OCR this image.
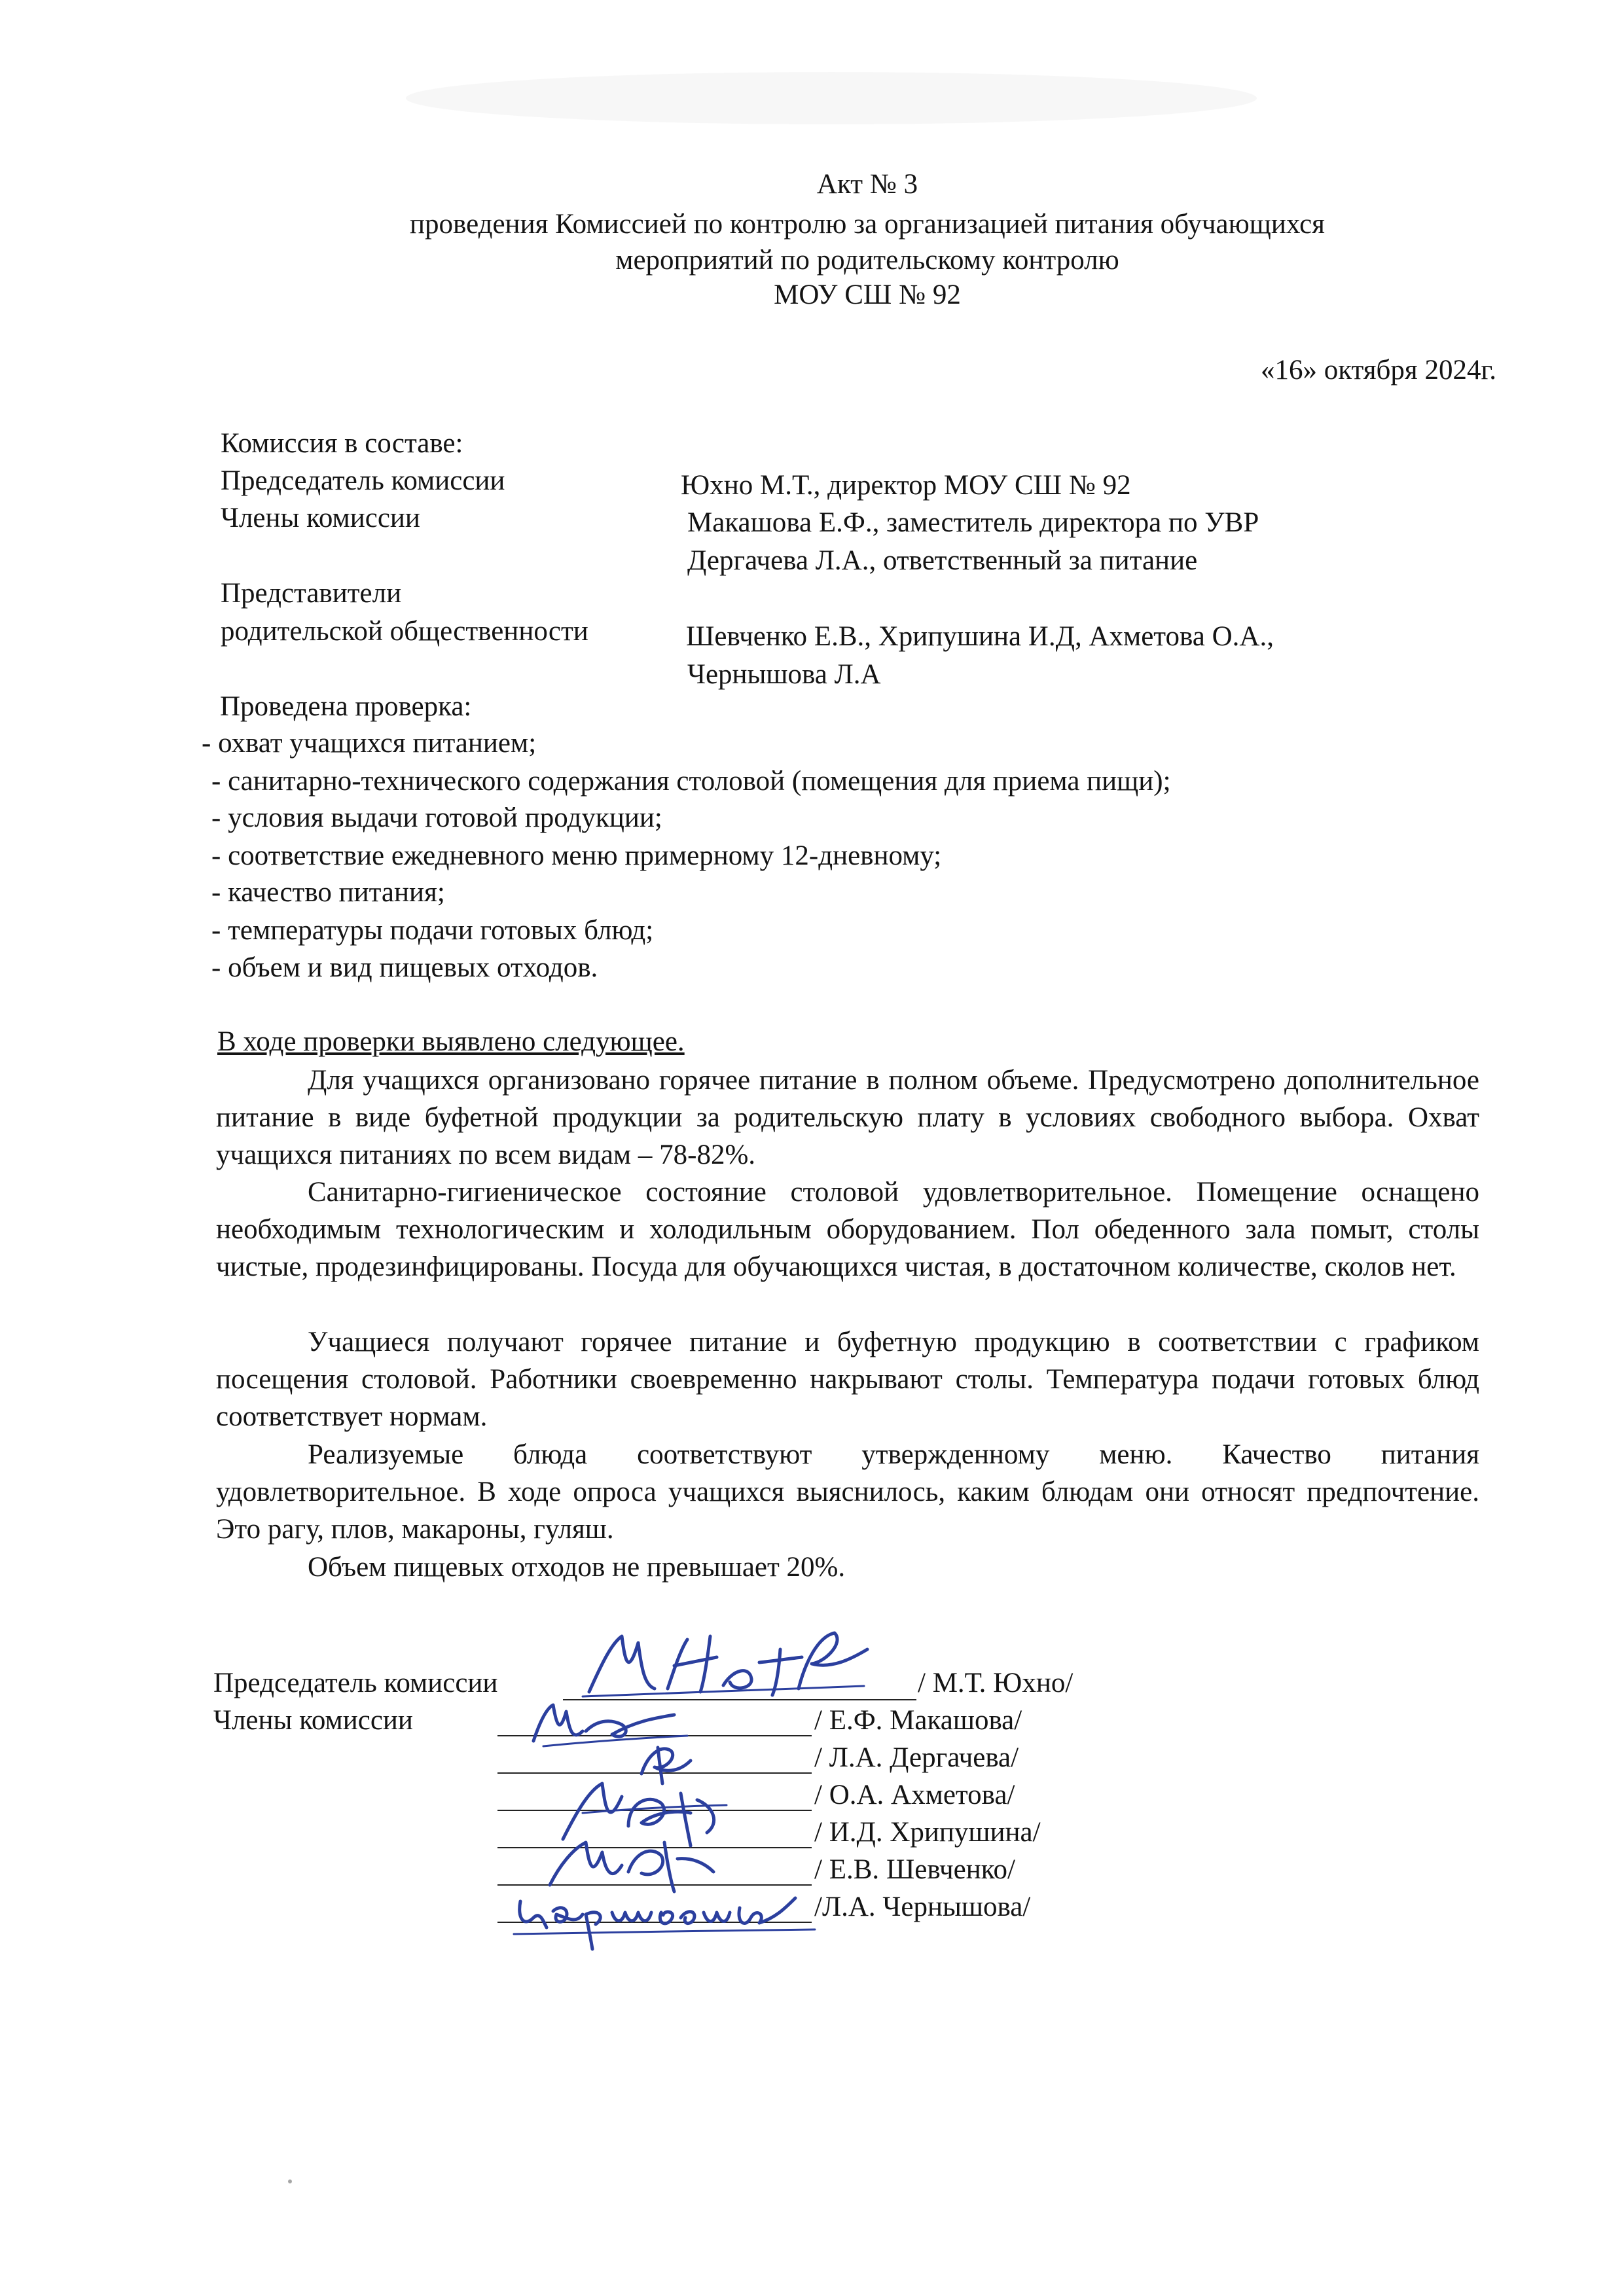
Акт № 3
проведения Комиссией по контролю за организацией питания обучающихся
мероприятий по родительскому контролю
МОУ СШ № 92
«16» октября 2024г.
Комиссия в составе:
Председатель комиссии	Юхно М.Т., директор МОУ СШ № 92
Члены комиссии	Макашова Е.Ф., заместитель директора по УВР
Дергачева Л.А., ответственный за питание
Представители
родительской общественности	Шевченко Е.В., Хрипушина И.Д, Ахметова О.А.,
Чернышова Л.А
Проведена проверка:
- охват учащихся питанием;
- санитарно-технического содержания столовой (помещения для приема пищи);
- условия выдачи готовой продукции;
- соответствие ежедневного меню примерному 12-дневному;
- качество питания;
- температуры подачи готовых блюд;
- объем и вид пищевых отходов.
В ходе проверки выявлено следующее.
Для учащихся организовано горячее питание в полном объеме. Предусмотрено дополнительное питание в виде буфетной продукции за родительскую плату в условиях свободного выбора. Охват учащихся питаниях по всем видам – 78-82%.
Санитарно-гигиеническое состояние столовой удовлетворительное. Помещение оснащено необходимым технологическим и холодильным оборудованием. Пол обеденного зала помыт, столы чистые, продезинфицированы. Посуда для обучающихся чистая, в достаточном количестве, сколов нет.
Учащиеся получают горячее питание и буфетную продукцию в соответствии с графиком посещения столовой. Работники своевременно накрывают столы. Температура подачи готовых блюд соответствует нормам.
Реализуемые блюда соответствуют утвержденному меню. Качество питания удовлетворительное. В ходе опроса учащихся выяснилось, каким блюдам они относят предпочтение. Это рагу, плов, макароны, гуляш.
Объем пищевых отходов не превышает 20%.
Председатель комиссии	/ М.Т. Юхно/
Члены комиссии	/ Е.Ф. Макашова/
/ Л.А. Дергачева/
/ О.А. Ахметова/
/ И.Д. Хрипушина/
/ Е.В. Шевченко/
/Л.А. Чернышова/
